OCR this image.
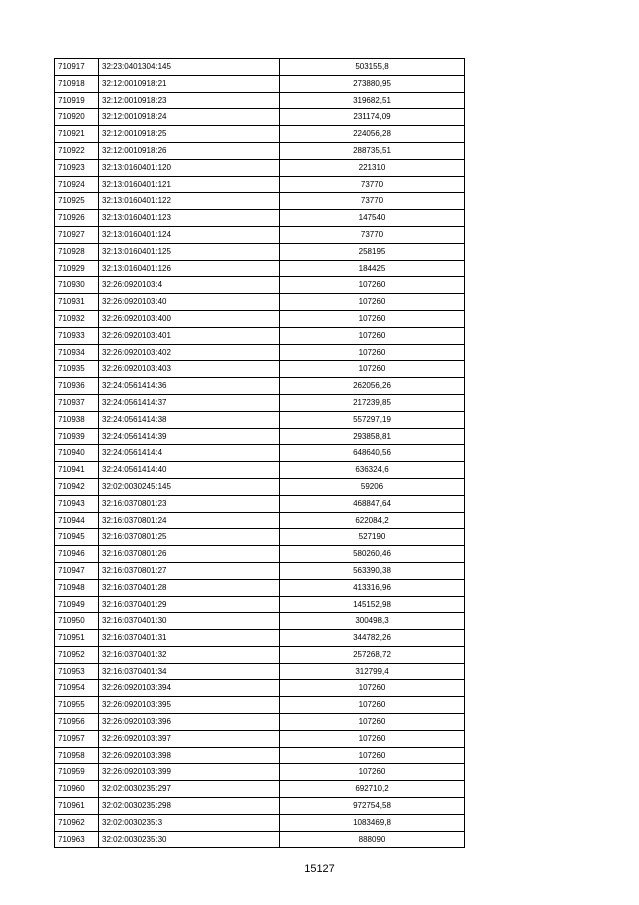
710917	32:23:0401304:145	503155,8
710918	32:12:0010918:21	273880,95
710919	32:12:0010918:23	319682,51
710920	32:12:0010918:24	231174,09
710921	32:12:0010918:25	224056,28
710922	32:12:0010918:26	288735,51
710923	32:13:0160401:120	221310
710924	32:13:0160401:121	73770
710925	32:13:0160401:122	73770
710926	32:13:0160401:123	147540
710927	32:13:0160401:124	73770
710928	32:13:0160401:125	258195
710929	32:13:0160401:126	184425
710930	32:26:0920103:4	107260
710931	32:26:0920103:40	107260
710932	32:26:0920103:400	107260
710933	32:26:0920103:401	107260
710934	32:26:0920103:402	107260
710935	32:26:0920103:403	107260
710936	32:24:0561414:36	262056,26
710937	32:24:0561414:37	217239,85
710938	32:24:0561414:38	557297,19
710939	32:24:0561414:39	293858,81
710940	32:24:0561414:4	648640,56
710941	32:24:0561414:40	636324,6
710942	32:02:0030245:145	59206
710943	32:16:0370801:23	468847,64
710944	32:16:0370801:24	622084,2
710945	32:16:0370801:25	527190
710946	32:16:0370801:26	580260,46
710947	32:16:0370801:27	563390,38
710948	32:16:0370401:28	413316,96
710949	32:16:0370401:29	145152,98
710950	32:16:0370401:30	300498,3
710951	32:16:0370401:31	344782,26
710952	32:16:0370401:32	257268,72
710953	32:16:0370401:34	312799,4
710954	32:26:0920103:394	107260
710955	32:26:0920103:395	107260
710956	32:26:0920103:396	107260
710957	32:26:0920103:397	107260
710958	32:26:0920103:398	107260
710959	32:26:0920103:399	107260
710960	32:02:0030235:297	692710,2
710961	32:02:0030235:298	972754,58
710962	32:02:0030235:3	1083469,8
710963	32:02:0030235:30	888090
15127
